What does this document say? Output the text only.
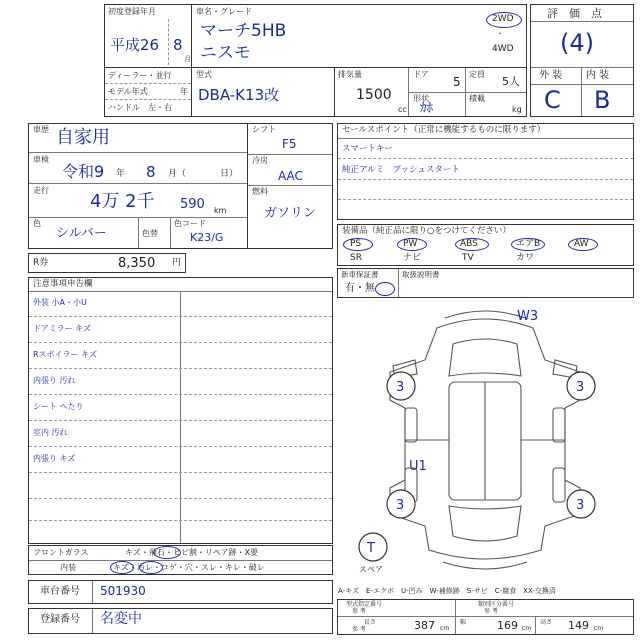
初度登録年月
平成26 8
月
車名・グレード
マーチ5HB
ニスモ
2WD
・
4WD
ディーラー・並行
モデル年式	年
ハンドル　左・右
型式
DBA-K13改
排気量
1500
cc
ドア
5
定員
5人
形状
ｶﾎ
積載
kg
評　価　点
(4)
外 装 内 装
C B
車歴 自家用
車検
令和9 年 8 月（	日）
走行
4万 2千 590 km
色
シルバー	色替
色コード
K23/G
シフト
F5
冷房
AAC
燃料
ガソリン
R券	8,350 円
セールスポイント（正常に機能するものに限ります）
スマートキー
純正アルミ　プッシュスタート
装備品（純正品に限り○をつけてください）
PS	PW	ABS	エアB	AW
SR	ナビ	TV	カワ
新車保証書
有・無
取扱説明書
注意事項申告欄
外装 小A・小U
ドアミラー キズ
Rスポイラー キズ
内張り 汚れ
シート へたり
室内 汚れ
内張り キズ
フロントガラス	キズ・飛石・ヒビ割・リペア跡・X要
内装	キズ・汚レ・コゲ・穴・スレ・キレ・破レ
車台番号 501930
登録番号 名変中
W3
3	3
U1
3	3
T
スペア
A-キズ　E-エクボ　U-凹み　W-補修跡　S-サビ　C-腐食　XX-交換済
型式指定番号
参 考
類別区分番号
参 考
長さ
参 考	387 cm
幅	169 cm
高さ 149 cm
